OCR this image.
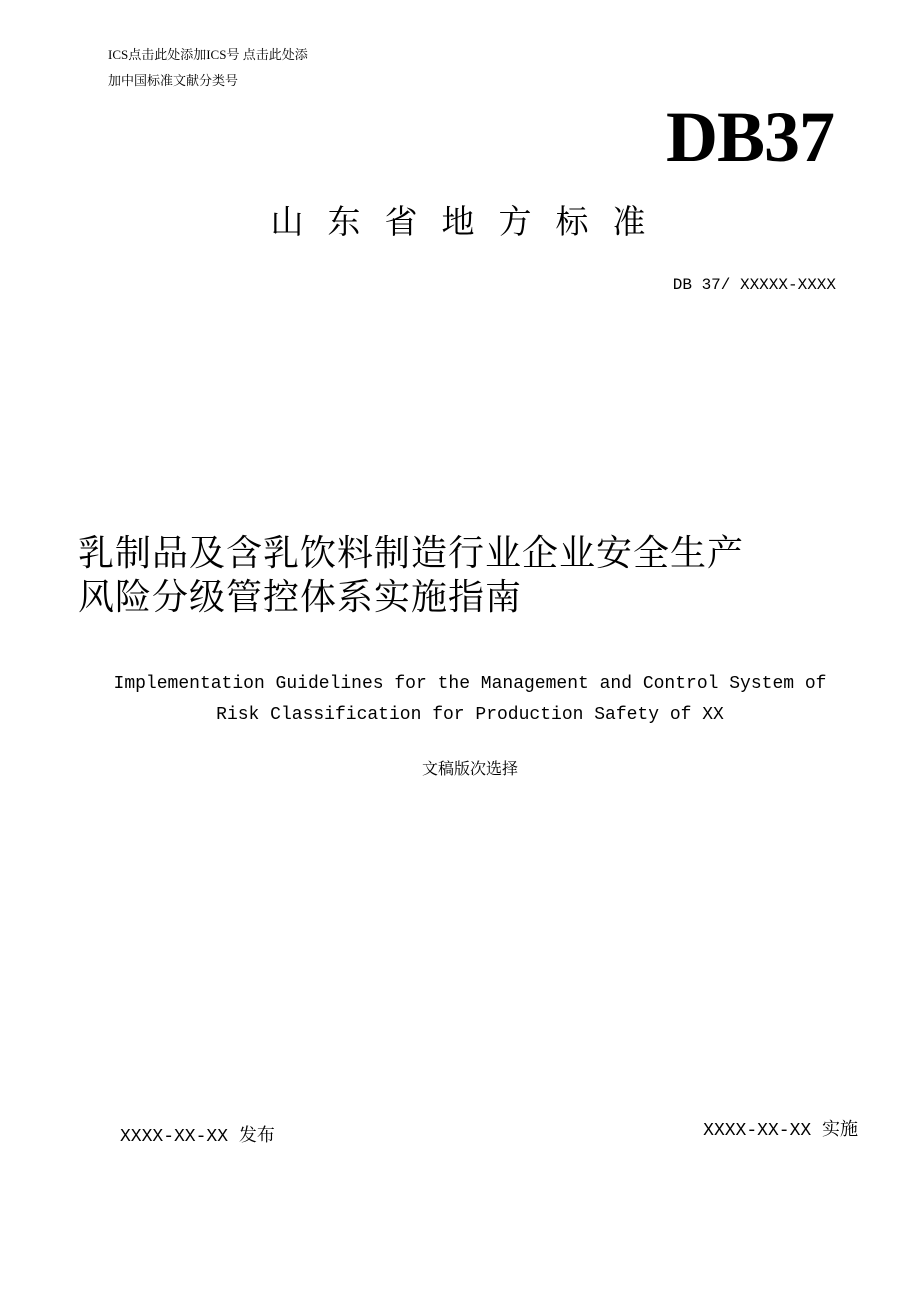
ICS点击此处添加ICS号 点击此处添
加中国标准文献分类号
DB37
山东省地方标准
DB 37/ XXXXX-XXXX
乳制品及含乳饮料制造行业企业安全生产
风险分级管控体系实施指南
Implementation Guidelines for the Management and Control System of
Risk Classification for Production Safety of XX
文稿版次选择
XXXX-XX-XX 发布	XXXX-XX-XX 实施
